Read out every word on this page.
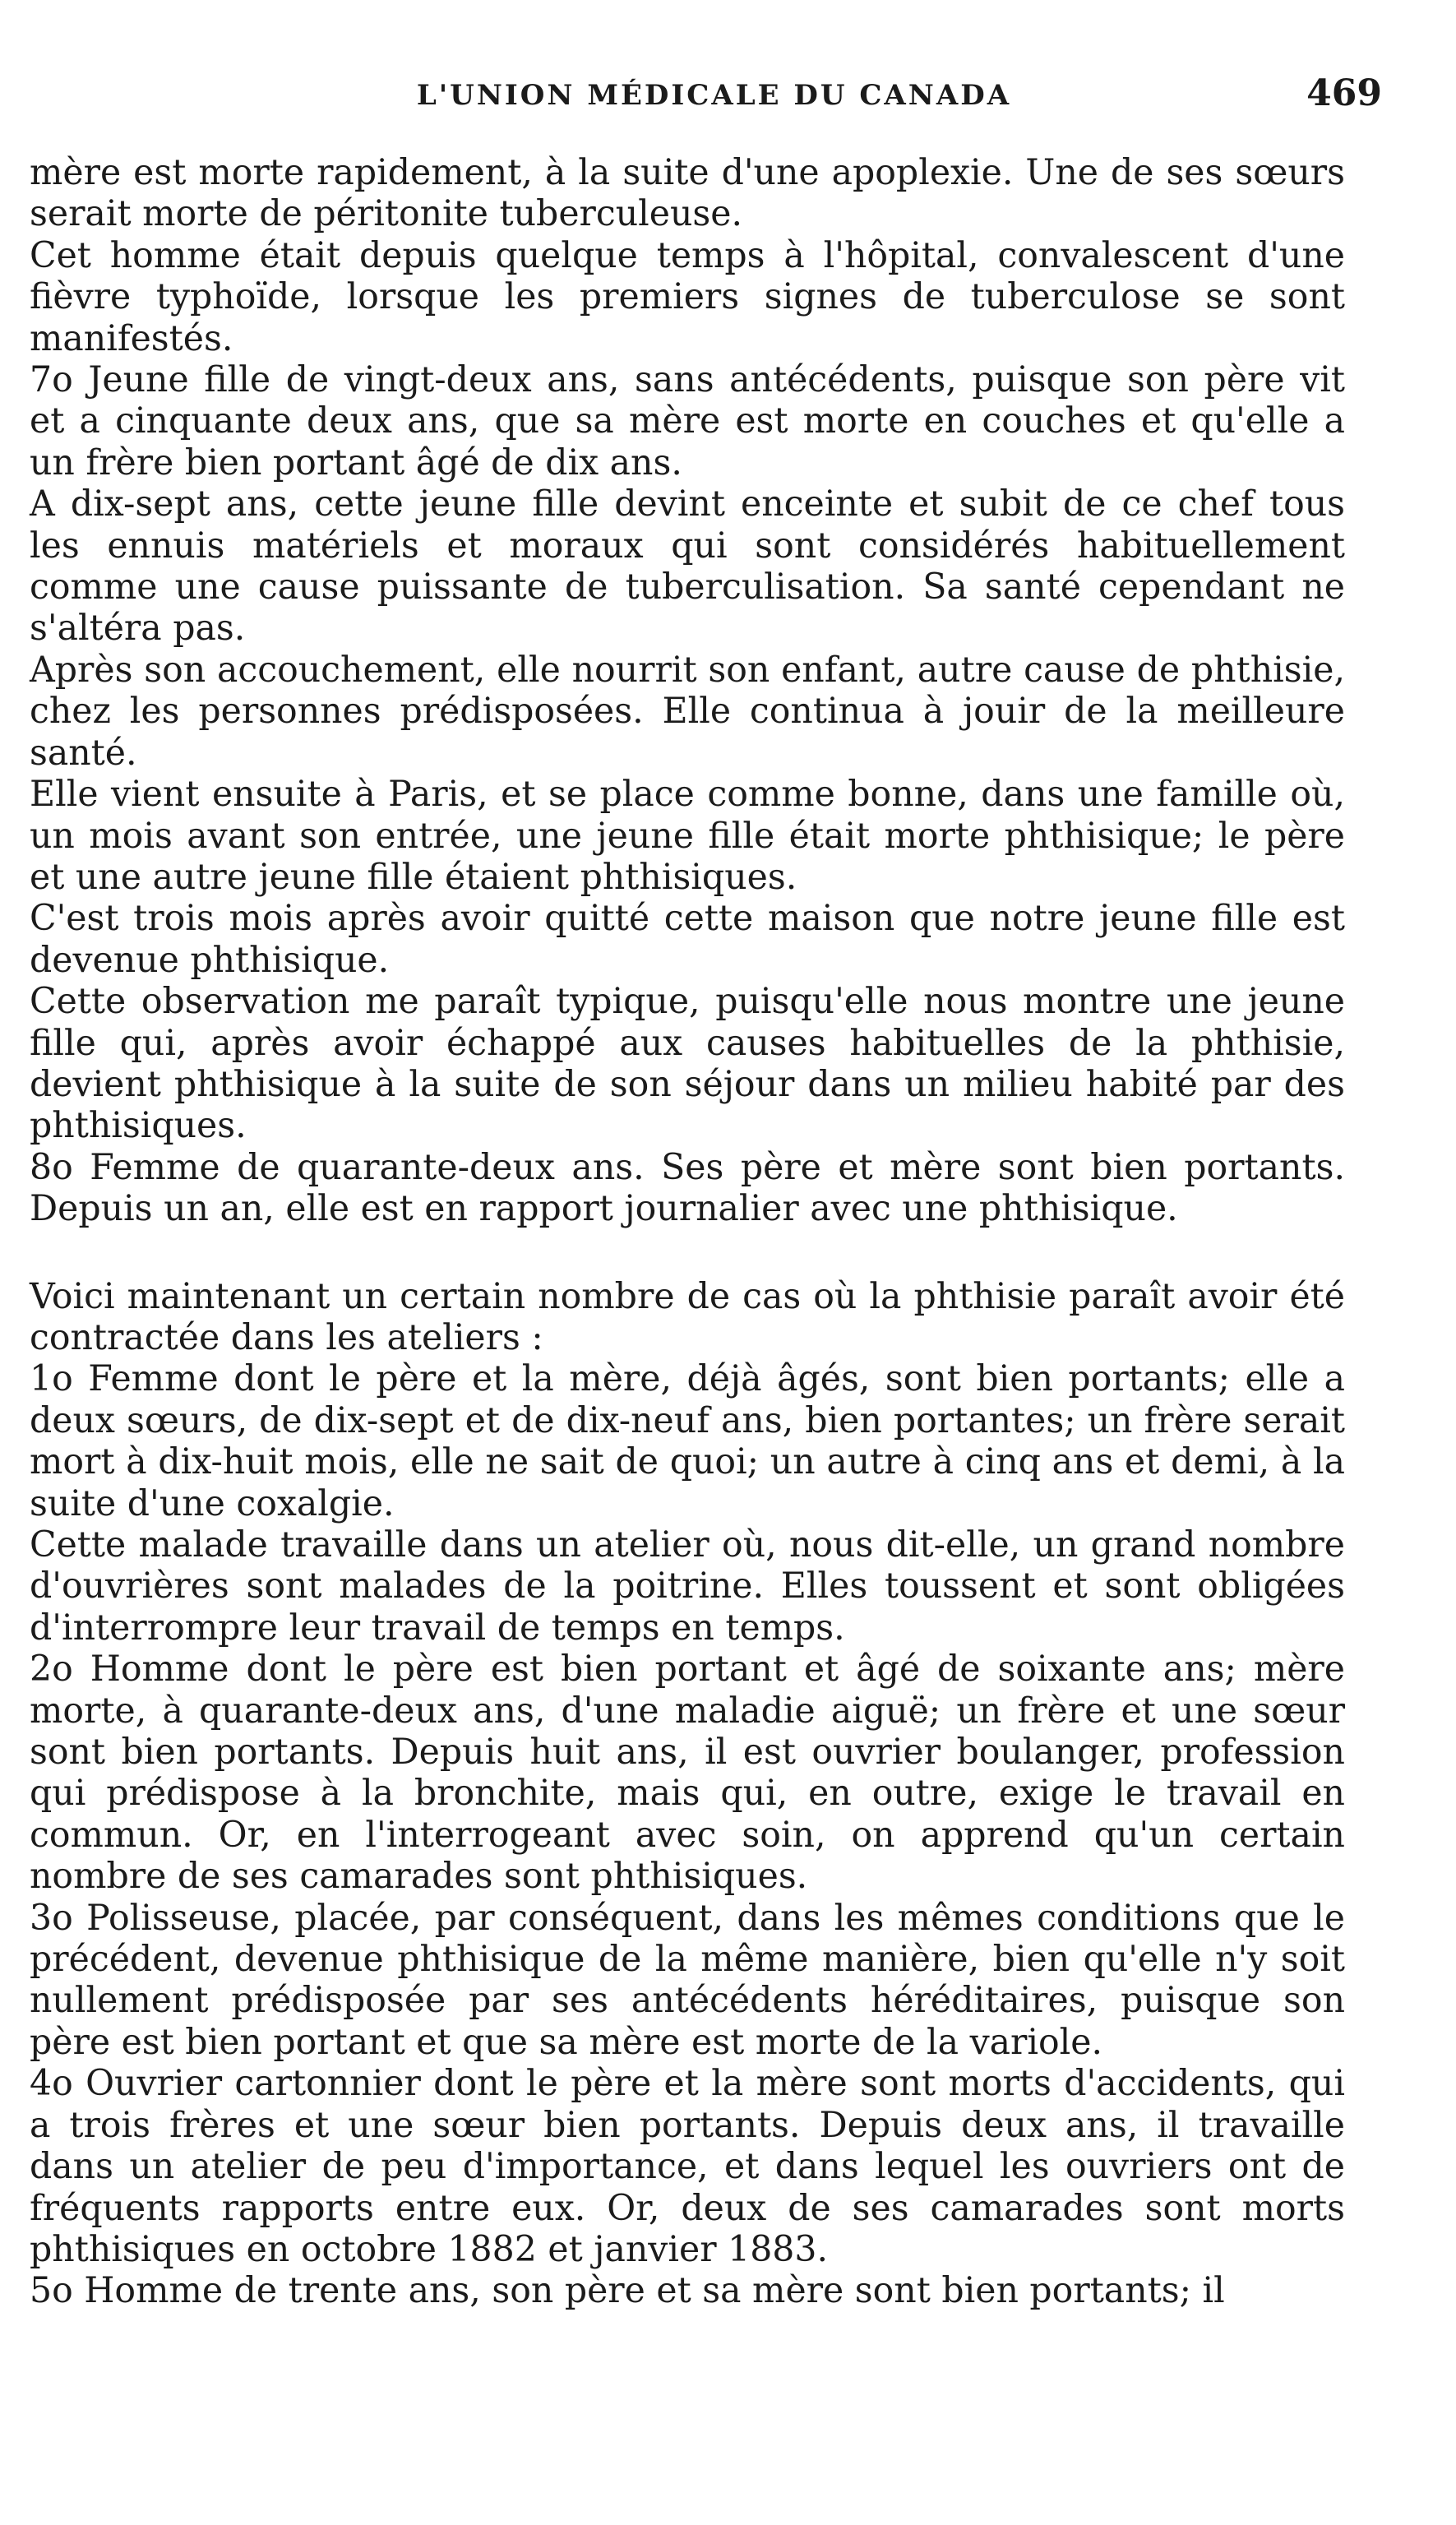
L'UNION MÉDICALE DU CANADA	469

mère est morte rapidement, à la suite d'une apoplexie. Une de ses sœurs serait morte de péritonite tuberculeuse.

Cet homme était depuis quelque temps à l'hôpital, convalescent d'une fièvre typhoïde, lorsque les premiers signes de tuberculose se sont manifestés.

7o Jeune fille de vingt-deux ans, sans antécédents, puisque son père vit et a cinquante deux ans, que sa mère est morte en couches et qu'elle a un frère bien portant âgé de dix ans.

A dix-sept ans, cette jeune fille devint enceinte et subit de ce chef tous les ennuis matériels et moraux qui sont considérés habituellement comme une cause puissante de tuberculisation. Sa santé cependant ne s'altéra pas.

Après son accouchement, elle nourrit son enfant, autre cause de phthisie, chez les personnes prédisposées. Elle continua à jouir de la meilleure santé.

Elle vient ensuite à Paris, et se place comme bonne, dans une famille où, un mois avant son entrée, une jeune fille était morte phthisique; le père et une autre jeune fille étaient phthisiques.

C'est trois mois après avoir quitté cette maison que notre jeune fille est devenue phthisique.

Cette observation me paraît typique, puisqu'elle nous montre une jeune fille qui, après avoir échappé aux causes habituelles de la phthisie, devient phthisique à la suite de son séjour dans un milieu habité par des phthisiques.

8o Femme de quarante-deux ans. Ses père et mère sont bien portants. Depuis un an, elle est en rapport journalier avec une phthisique.

Voici maintenant un certain nombre de cas où la phthisie paraît avoir été contractée dans les ateliers :

1o Femme dont le père et la mère, déjà âgés, sont bien portants; elle a deux sœurs, de dix-sept et de dix-neuf ans, bien portantes; un frère serait mort à dix-huit mois, elle ne sait de quoi; un autre à cinq ans et demi, à la suite d'une coxalgie.

Cette malade travaille dans un atelier où, nous dit-elle, un grand nombre d'ouvrières sont malades de la poitrine. Elles toussent et sont obligées d'interrompre leur travail de temps en temps.

2o Homme dont le père est bien portant et âgé de soixante ans; mère morte, à quarante-deux ans, d'une maladie aiguë; un frère et une sœur sont bien portants. Depuis huit ans, il est ouvrier boulanger, profession qui prédispose à la bronchite, mais qui, en outre, exige le travail en commun. Or, en l'interrogeant avec soin, on apprend qu'un certain nombre de ses camarades sont phthisiques.

3o Polisseuse, placée, par conséquent, dans les mêmes conditions que le précédent, devenue phthisique de la même manière, bien qu'elle n'y soit nullement prédisposée par ses antécédents héréditaires, puisque son père est bien portant et que sa mère est morte de la variole.

4o Ouvrier cartonnier dont le père et la mère sont morts d'accidents, qui a trois frères et une sœur bien portants. Depuis deux ans, il travaille dans un atelier de peu d'importance, et dans lequel les ouvriers ont de fréquents rapports entre eux. Or, deux de ses camarades sont morts phthisiques en octobre 1882 et janvier 1883.

5o Homme de trente ans, son père et sa mère sont bien portants; il
